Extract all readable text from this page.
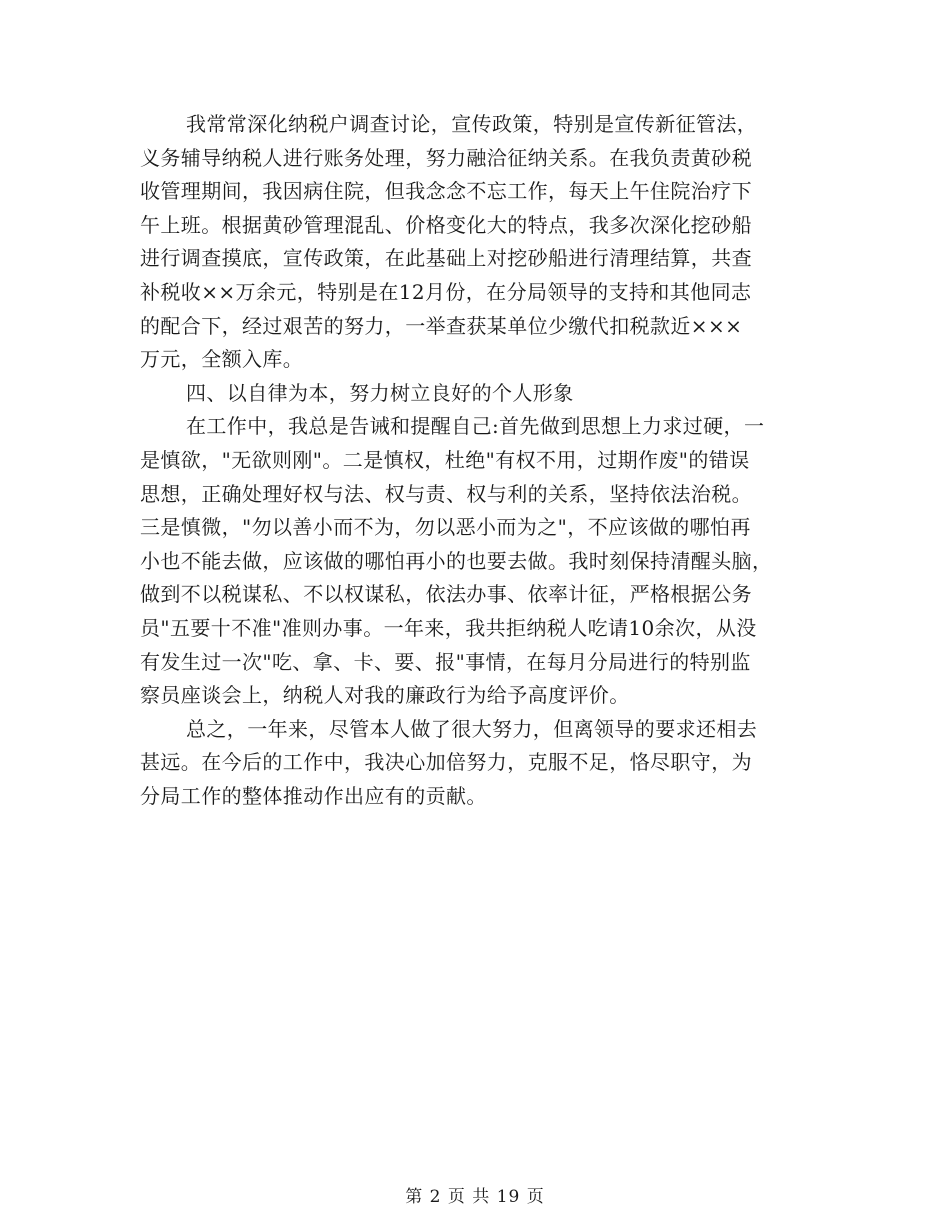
我常常深化纳税户调查讨论，宣传政策，特别是宣传新征管法，
义务辅导纳税人进行账务处理，努力融洽征纳关系。在我负责黄砂税
收管理期间，我因病住院，但我念念不忘工作，每天上午住院治疗下
午上班。根据黄砂管理混乱、价格变化大的特点，我多次深化挖砂船
进行调查摸底，宣传政策，在此基础上对挖砂船进行清理结算，共查
补税收××万余元，特别是在12月份，在分局领导的支持和其他同志
的配合下，经过艰苦的努力，一举查获某单位少缴代扣税款近×××
万元，全额入库。
四、以自律为本，努力树立良好的个人形象
在工作中，我总是告诫和提醒自己:首先做到思想上力求过硬，一
是慎欲，"无欲则刚"。二是慎权，杜绝"有权不用，过期作废"的错误
思想，正确处理好权与法、权与责、权与利的关系，坚持依法治税。
三是慎微，"勿以善小而不为，勿以恶小而为之"，不应该做的哪怕再
小也不能去做，应该做的哪怕再小的也要去做。我时刻保持清醒头脑，
做到不以税谋私、不以权谋私，依法办事、依率计征，严格根据公务
员"五要十不准"准则办事。一年来，我共拒纳税人吃请10余次，从没
有发生过一次"吃、拿、卡、要、报"事情，在每月分局进行的特别监
察员座谈会上，纳税人对我的廉政行为给予高度评价。
总之，一年来，尽管本人做了很大努力，但离领导的要求还相去
甚远。在今后的工作中，我决心加倍努力，克服不足，恪尽职守，为
分局工作的整体推动作出应有的贡献。
第 2 页 共 19 页
